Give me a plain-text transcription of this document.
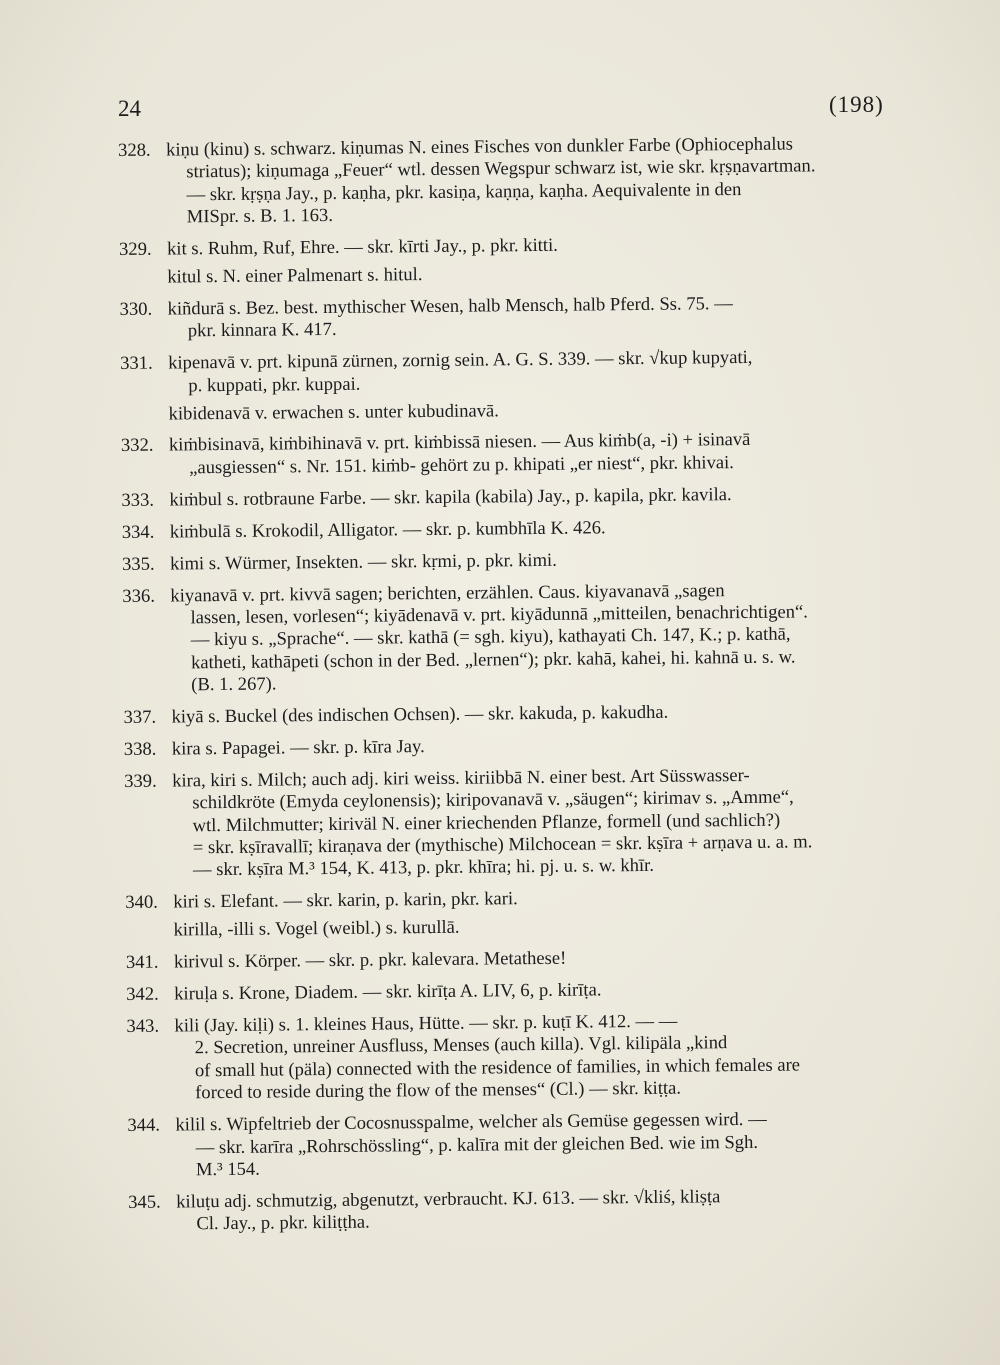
24	(198)
328. kiṇu (kinu) s. schwarz. kiṇumas N. eines Fisches von dunkler Farbe (Ophiocephalus
striatus); kiṇumaga „Feuer“ wtl. dessen Wegspur schwarz ist, wie skr. kṛṣṇavartman.
— skr. kṛṣṇa Jay., p. kaṇha, pkr. kasiṇa, kaṇṇa, kaṇha. Aequivalente in den
MISpr. s. B. 1. 163.
329. kit s. Ruhm, Ruf, Ehre. — skr. kīrti Jay., p. pkr. kitti.
kitul s. N. einer Palmenart s. hitul.
330. kiñdurā s. Bez. best. mythischer Wesen, halb Mensch, halb Pferd. Ss. 75. —
pkr. kinnara K. 417.
331. kipenavā v. prt. kipunā zürnen, zornig sein. A. G. S. 339. — skr. √kup kupyati,
p. kuppati, pkr. kuppai.
kibidenavā v. erwachen s. unter kubudinavā.
332. kiṁbisinavā, kiṁbihinavā v. prt. kiṁbissā niesen. — Aus kiṁb(a, -i) + isinavā
„ausgiessen“ s. Nr. 151. kiṁb- gehört zu p. khipati „er niest“, pkr. khivai.
333. kiṁbul s. rotbraune Farbe. — skr. kapila (kabila) Jay., p. kapila, pkr. kavila.
334. kiṁbulā s. Krokodil, Alligator. — skr. p. kumbhīla K. 426.
335. kimi s. Würmer, Insekten. — skr. kṛmi, p. pkr. kimi.
336. kiyanavā v. prt. kivvā sagen; berichten, erzählen. Caus. kiyavanavā „sagen
lassen, lesen, vorlesen“; kiyādenavā v. prt. kiyādunnā „mitteilen, benachrichtigen“.
— kiyu s. „Sprache“. — skr. kathā (= sgh. kiyu), kathayati Ch. 147, K.; p. kathā,
katheti, kathāpeti (schon in der Bed. „lernen“); pkr. kahā, kahei, hi. kahnā u. s. w.
(B. 1. 267).
337. kiyā s. Buckel (des indischen Ochsen). — skr. kakuda, p. kakudha.
338. kira s. Papagei. — skr. p. kīra Jay.
339. kira, kiri s. Milch; auch adj. kiri weiss. kiriibbā N. einer best. Art Süsswasser-
schildkröte (Emyda ceylonensis); kiripovanavā v. „säugen“; kirimav s. „Amme“,
wtl. Milchmutter; kiriväl N. einer kriechenden Pflanze, formell (und sachlich?)
= skr. kṣīravallī; kiraṇava der (mythische) Milchocean = skr. kṣīra + arṇava u. a. m.
— skr. kṣīra M.³ 154, K. 413, p. pkr. khīra; hi. pj. u. s. w. khīr.
340. kiri s. Elefant. — skr. karin, p. karin, pkr. kari.
kirilla, -illi s. Vogel (weibl.) s. kurullā.
341. kirivul s. Körper. — skr. p. pkr. kalevara. Metathese!
342. kiruḷa s. Krone, Diadem. — skr. kirīṭa A. LIV, 6, p. kirīṭa.
343. kili (Jay. kiḷi) s. 1. kleines Haus, Hütte. — skr. p. kuṭī K. 412. — —
2. Secretion, unreiner Ausfluss, Menses (auch killa). Vgl. kilipäla „kind
of small hut (päla) connected with the residence of families, in which females are
forced to reside during the flow of the menses“ (Cl.) — skr. kiṭṭa.
344. kilil s. Wipfeltrieb der Cocosnusspalme, welcher als Gemüse gegessen wird. —
— skr. karīra „Rohrschössling“, p. kalīra mit der gleichen Bed. wie im Sgh.
M.³ 154.
345. kiluṭu adj. schmutzig, abgenutzt, verbraucht. KJ. 613. — skr. √kliś, kliṣṭa
Cl. Jay., p. pkr. kiliṭṭha.
